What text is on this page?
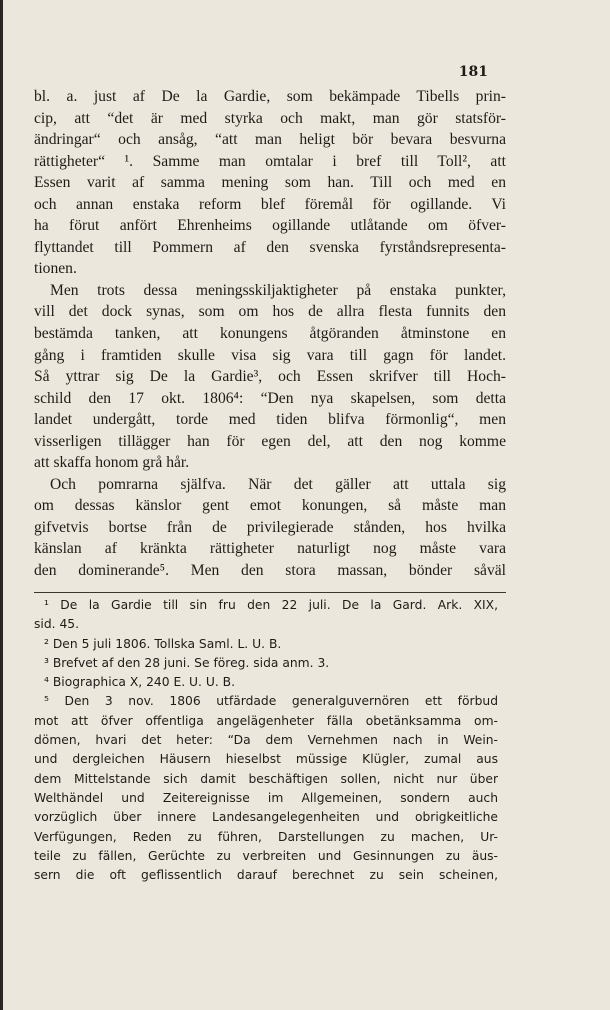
181
bl. a. just af De la Gardie, som bekämpade Tibells prin-
cip, att “det är med styrka och makt, man gör statsför-
ändringar“ och ansåg, “att man heligt bör bevara besvurna
rättigheter“ ¹. Samme man omtalar i bref till Toll², att
Essen varit af samma mening som han. Till och med en
och annan enstaka reform blef föremål för ogillande. Vi
ha förut anfört Ehrenheims ogillande utlåtande om öfver-
flyttandet till Pommern af den svenska fyrståndsrepresenta-
tionen.
Men trots dessa meningsskiljaktigheter på enstaka punkter,
vill det dock synas, som om hos de allra flesta funnits den
bestämda tanken, att konungens åtgöranden åtminstone en
gång i framtiden skulle visa sig vara till gagn för landet.
Så yttrar sig De la Gardie³, och Essen skrifver till Hoch-
schild den 17 okt. 1806⁴: “Den nya skapelsen, som detta
landet undergått, torde med tiden blifva förmonlig“, men
visserligen tillägger han för egen del, att den nog komme
att skaffa honom grå hår.
Och pomrarna själfva. När det gäller att uttala sig
om dessas känslor gent emot konungen, så måste man
gifvetvis bortse från de privilegierade stånden, hos hvilka
känslan af kränkta rättigheter naturligt nog måste vara
den dominerande⁵. Men den stora massan, bönder såväl
¹ De la Gardie till sin fru den 22 juli. De la Gard. Ark. XIX,
sid. 45.
² Den 5 juli 1806. Tollska Saml. L. U. B.
³ Brefvet af den 28 juni. Se föreg. sida anm. 3.
⁴ Biographica X, 240 E. U. U. B.
⁵ Den 3 nov. 1806 utfärdade generalguvernören ett förbud
mot att öfver offentliga angelägenheter fälla obetänksamma om-
dömen, hvari det heter: “Da dem Vernehmen nach in Wein-
und dergleichen Häusern hieselbst müssige Klügler, zumal aus
dem Mittelstande sich damit beschäftigen sollen, nicht nur über
Welthändel und Zeitereignisse im Allgemeinen, sondern auch
vorzüglich über innere Landesangelegenheiten und obrigkeitliche
Verfügungen, Reden zu führen, Darstellungen zu machen, Ur-
teile zu fällen, Gerüchte zu verbreiten und Gesinnungen zu äus-
sern die oft geflissentlich darauf berechnet zu sein scheinen,
